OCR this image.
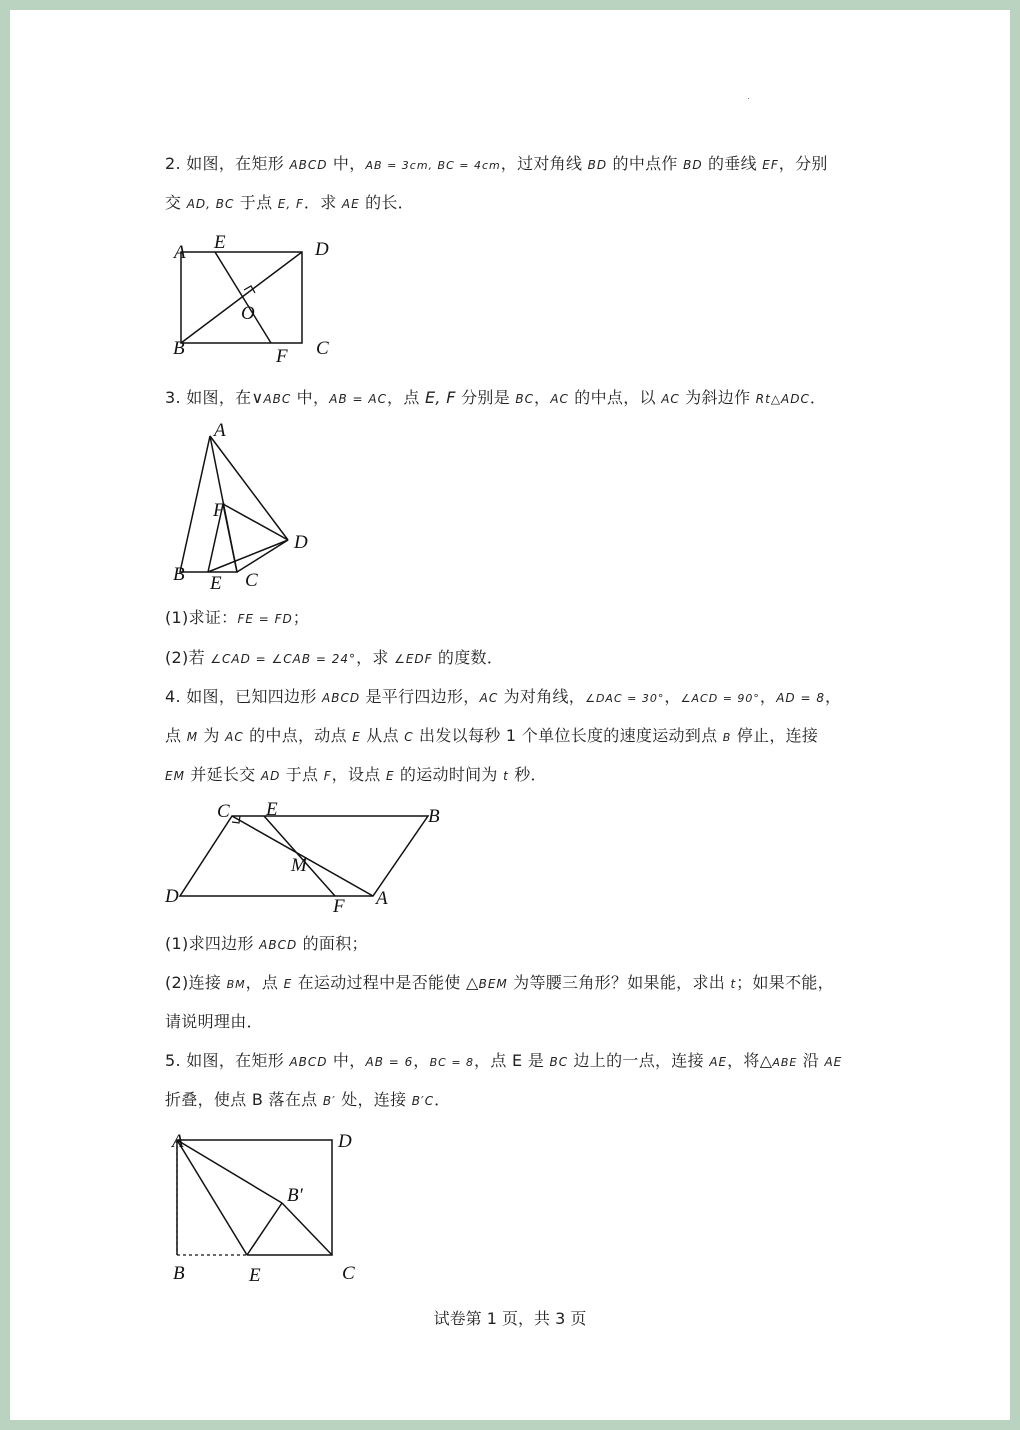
2. 如图，在矩形 ABCD 中，AB = 3cm, BC = 4cm，过对角线 BD 的中点作 BD 的垂线 EF，分别
交 AD, BC 于点 E, F．求 AE 的长．
A E	D
O
B	F C
3. 如图，在∨ABC 中，AB = AC，点 E, F 分别是 BC，AC 的中点，以 AC 为斜边作 Rt△ADC．
A
F
D
B E C
(1)求证：FE = FD；
(2)若 ∠CAD = ∠CAB = 24°，求 ∠EDF 的度数．
4. 如图，已知四边形 ABCD 是平行四边形，AC 为对角线，∠DAC = 30°，∠ACD = 90°，AD = 8，
点 M 为 AC 的中点，动点 E 从点 C 出发以每秒 1 个单位长度的速度运动到点 B 停止，连接
EM 并延长交 AD 于点 F，设点 E 的运动时间为 t 秒．
C E	B
M
D	F A
(1)求四边形 ABCD 的面积；
(2)连接 BM，点 E 在运动过程中是否能使 △BEM 为等腰三角形？如果能，求出 t；如果不能，
请说明理由．
5. 如图，在矩形 ABCD 中，AB = 6，BC = 8，点 E 是 BC 边上的一点，连接 AE，将△ABE 沿 AE
折叠，使点 B 落在点 B′ 处，连接 B′C．
A	D
B′
B	E	C
试卷第 1 页，共 3 页
